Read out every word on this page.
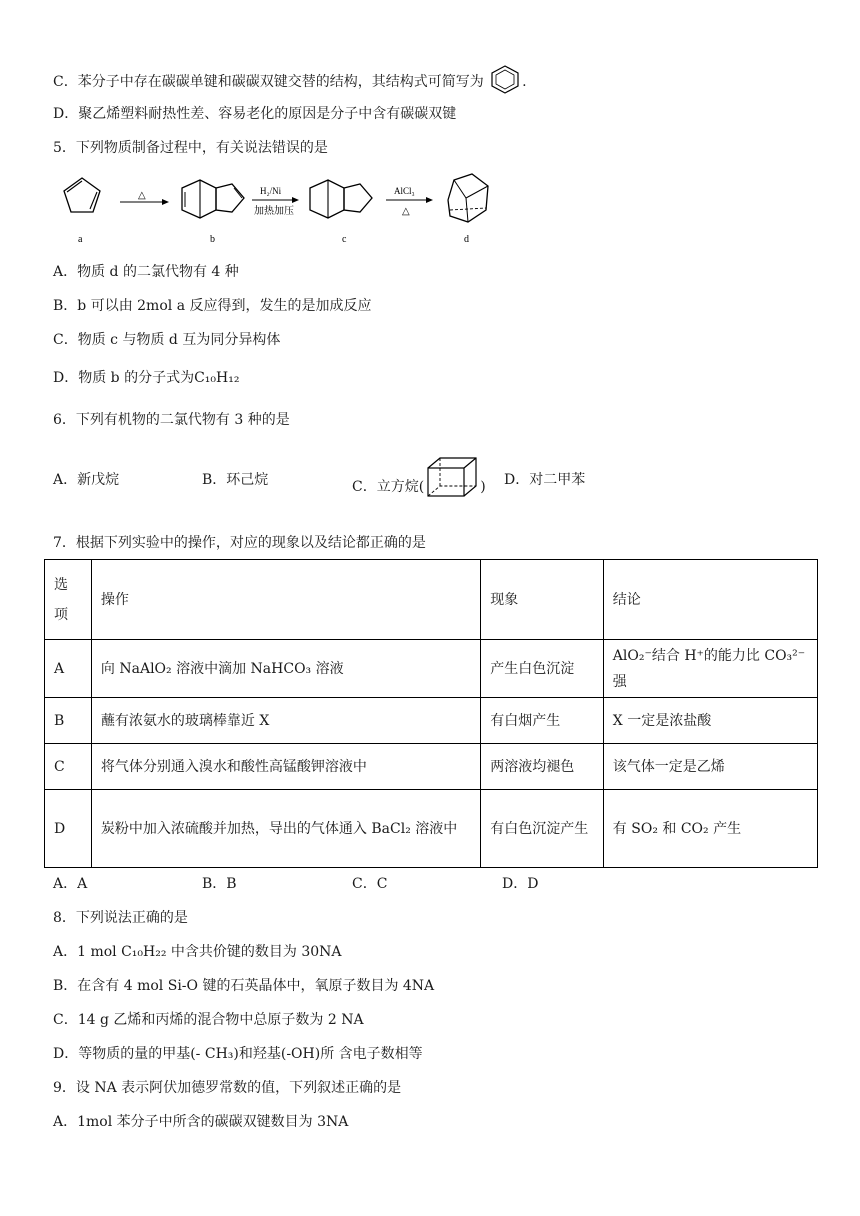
C．苯分子中存在碳碳单键和碳碳双键交替的结构，其结构式可简写为	.
D．聚乙烯塑料耐热性差、容易老化的原因是分子中含有碳碳双键
5．下列物质制备过程中，有关说法错误的是
a
△
b
H₂/Ni
加热加压
c
AlCl₃
△
d
A．物质 d 的二氯代物有 4 种
B．b 可以由 2mol a 反应得到，发生的是加成反应
C．物质 c 与物质 d 互为同分异构体
D．物质 b 的分子式为C₁₀H₁₂
6．下列有机物的二氯代物有 3 种的是
A．新戊烷	B．环己烷	C．立方烷(	) D．对二甲苯
7．根据下列实验中的操作，对应的现象以及结论都正确的是
选项	操作	现象	结论
A	向 NaAlO₂ 溶液中滴加 NaHCO₃ 溶液	产生白色沉淀	AlO₂⁻结合 H⁺的能力比 CO₃²⁻强
B	蘸有浓氨水的玻璃棒靠近 X	有白烟产生	X 一定是浓盐酸
C	将气体分别通入溴水和酸性高锰酸钾溶液中	两溶液均褪色	该气体一定是乙烯
D	炭粉中加入浓硫酸并加热，导出的气体通入 BaCl₂ 溶液中	有白色沉淀产生	有 SO₂ 和 CO₂ 产生
A．A	B．B	C．C	D．D
8．下列说法正确的是
A．1 mol C₁₀H₂₂ 中含共价键的数目为 30NA
B．在含有 4 mol Si-O 键的石英晶体中，氧原子数目为 4NA
C．14 g 乙烯和丙烯的混合物中总原子数为 2 NA
D．等物质的量的甲基(- CH₃)和羟基(-OH)所 含电子数相等
9．设 NA 表示阿伏加德罗常数的值，下列叙述正确的是
A．1mol 苯分子中所含的碳碳双键数目为 3NA
